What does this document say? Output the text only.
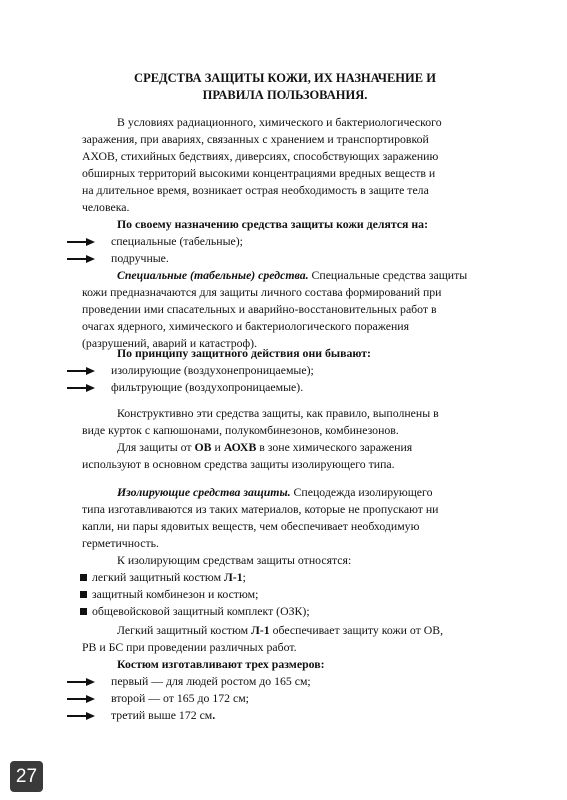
СРЕДСТВА ЗАЩИТЫ КОЖИ, ИХ НАЗНАЧЕНИЕ И
ПРАВИЛА ПОЛЬЗОВАНИЯ.
В условиях радиационного, химического и бактериологического
заражения, при авариях, связанных с хранением и транспортировкой
АХОВ, стихийных бедствиях, диверсиях, способствующих заражению
обширных территорий высокими концентрациями вредных веществ и
на длительное время, возникает острая необходимость в защите тела
человека.
По своему назначению средства защиты кожи делятся на:
специальные (табельные);
подручные.
Специальные (табельные) средства. Специальные средства защиты
кожи предназначаются для защиты личного состава формирований при
проведении ими спасательных и аварийно-восстановительных работ в
очагах ядерного, химического и бактериологического поражения
(разрушений, аварий и катастроф).
По принципу защитного действия они бывают:
изолирующие (воздухонепроницаемые);
фильтрующие (воздухопроницаемые).
Конструктивно эти средства защиты, как правило, выполнены в
виде курток с капюшонами, полукомбинезонов, комбинезонов.
Для защиты от ОВ и АОХВ в зоне химического заражения
используют в основном средства защиты изолирующего типа.
Изолирующие средства защиты. Спецодежда изолирующего
типа изготавливаются из таких материалов, которые не пропускают ни
капли, ни пары ядовитых веществ, чем обеспечивает необходимую
герметичность.
К изолирующим средствам защиты относятся:
легкий защитный костюм Л-1;
защитный комбинезон и костюм;
общевойсковой защитный комплект (ОЗК);
Легкий защитный костюм Л-1 обеспечивает защиту кожи от ОВ,
РВ и БС при проведении различных работ.
Костюм изготавливают трех размеров:
первый — для людей ростом до 165 см;
второй — от 165 до 172 см;
третий выше 172 см.
27
